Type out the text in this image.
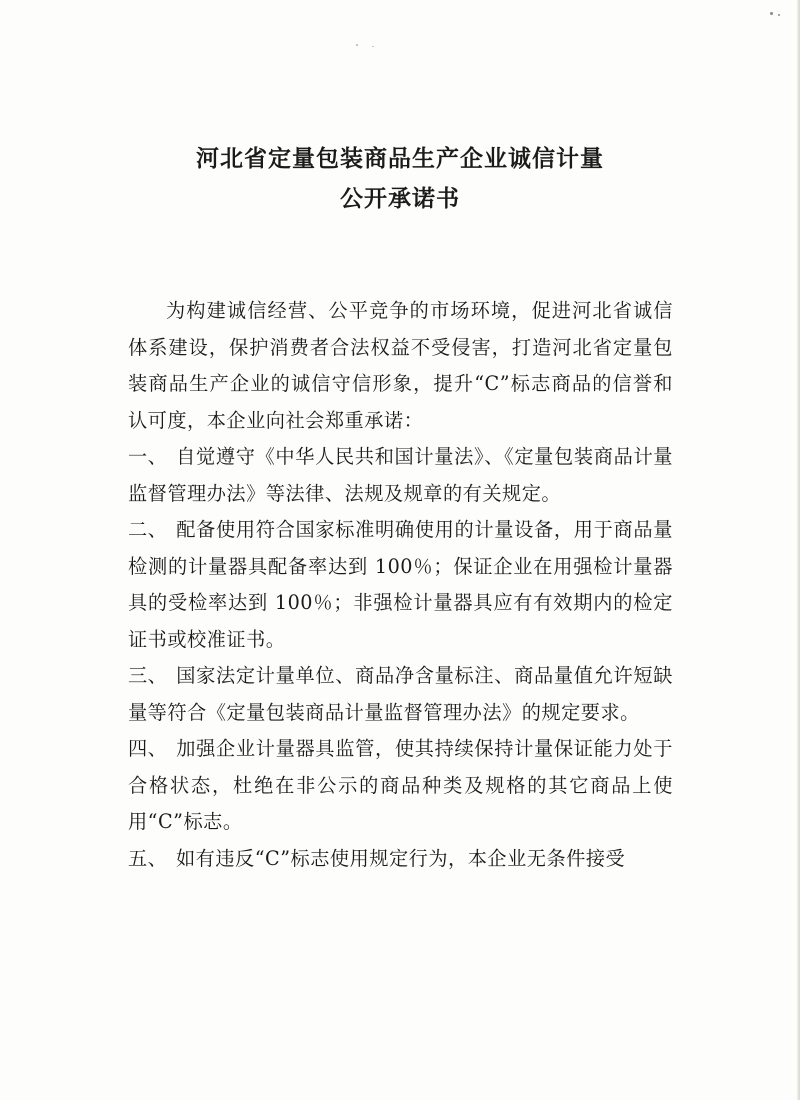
河北省定量包装商品生产企业诚信计量
公开承诺书

为构建诚信经营、公平竞争的市场环境，促进河北省诚信体系建设，保护消费者合法权益不受侵害，打造河北省定量包装商品生产企业的诚信守信形象，提升“C”标志商品的信誉和认可度，本企业向社会郑重承诺：

一、 自觉遵守《中华人民共和国计量法》、《定量包装商品计量监督管理办法》等法律、法规及规章的有关规定。

二、 配备使用符合国家标准明确使用的计量设备，用于商品量检测的计量器具配备率达到 100％；保证企业在用强检计量器具的受检率达到 100％；非强检计量器具应有有效期内的检定证书或校准证书。

三、 国家法定计量单位、商品净含量标注、商品量值允许短缺量等符合《定量包装商品计量监督管理办法》的规定要求。

四、 加强企业计量器具监管，使其持续保持计量保证能力处于合格状态，杜绝在非公示的商品种类及规格的其它商品上使用“C”标志。

五、 如有违反“C”标志使用规定行为，本企业无条件接受
